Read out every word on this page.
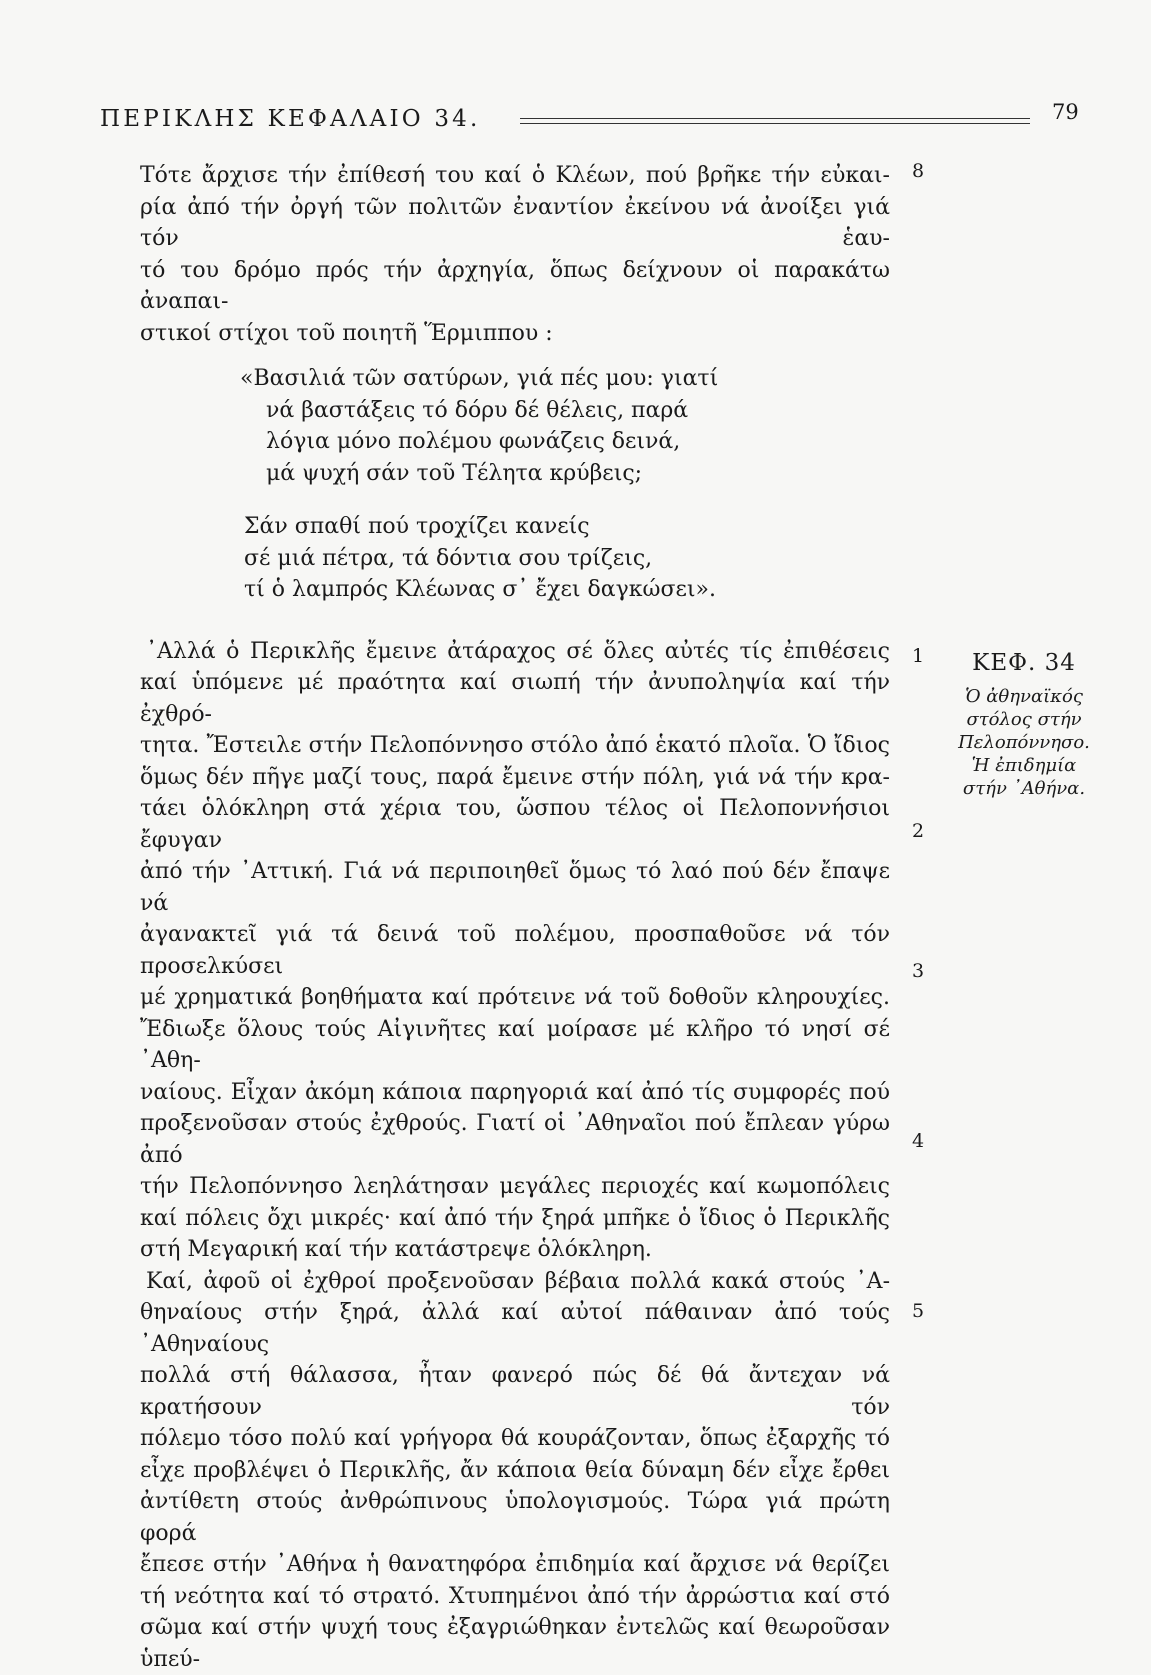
ΠΕΡΙΚΛΗΣ ΚΕΦΑΛΑΙΟ 34.	79
Τότε ἄρχισε τήν ἐπίθεσή του καί ὁ Κλέων, πού βρῆκε τήν εὐκαι-
ρία ἀπό τήν ὀργή τῶν πολιτῶν ἐναντίον ἐκείνου νά ἀνοίξει γιά τόν ἑαυ-
τό του δρόμο πρός τήν ἀρχηγία, ὅπως δείχνουν οἱ παρακάτω ἀναπαι-
στικοί στίχοι τοῦ ποιητῆ Ἕρμιππου :
«Βασιλιά τῶν σατύρων, γιά πές μου: γιατί
νά βαστάξεις τό δόρυ δέ θέλεις, παρά
λόγια μόνο πολέμου φωνάζεις δεινά,
μά ψυχή σάν τοῦ Τέλητα κρύβεις;
Σάν σπαθί πού τροχίζει κανείς
σέ μιά πέτρα, τά δόντια σου τρίζεις,
τί ὁ λαμπρός Κλέωνας σ᾿ ἔχει δαγκώσει».
᾿Αλλά ὁ Περικλῆς ἔμεινε ἀτάραχος σέ ὅλες αὐτές τίς ἐπιθέσεις
καί ὑπόμενε μέ πραότητα καί σιωπή τήν ἀνυποληψία καί τήν ἐχθρό-
τητα. Ἔστειλε στήν Πελοπόννησο στόλο ἀπό ἑκατό πλοῖα. Ὁ ἴδιος
ὅμως δέν πῆγε μαζί τους, παρά ἔμεινε στήν πόλη, γιά νά τήν κρα-
τάει ὁλόκληρη στά χέρια του, ὥσπου τέλος οἱ Πελοποννήσιοι ἔφυγαν
ἀπό τήν ᾿Αττική. Γιά νά περιποιηθεῖ ὅμως τό λαό πού δέν ἔπαψε νά
ἀγανακτεῖ γιά τά δεινά τοῦ πολέμου, προσπαθοῦσε νά τόν προσελκύσει
μέ χρηματικά βοηθήματα καί πρότεινε νά τοῦ δοθοῦν κληρουχίες.
Ἔδιωξε ὅλους τούς Αἰγινῆτες καί μοίρασε μέ κλῆρο τό νησί σέ ᾿Αθη-
ναίους. Εἶχαν ἀκόμη κάποια παρηγοριά καί ἀπό τίς συμφορές πού
προξενοῦσαν στούς ἐχθρούς. Γιατί οἱ ᾿Αθηναῖοι πού ἔπλεαν γύρω ἀπό
τήν Πελοπόννησο λεηλάτησαν μεγάλες περιοχές καί κωμοπόλεις
καί πόλεις ὄχι μικρές· καί ἀπό τήν ξηρά μπῆκε ὁ ἴδιος ὁ Περικλῆς
στή Μεγαρική καί τήν κατάστρεψε ὁλόκληρη.
Καί, ἀφοῦ οἱ ἐχθροί προξενοῦσαν βέβαια πολλά κακά στούς ᾿Α-
θηναίους στήν ξηρά, ἀλλά καί αὐτοί πάθαιναν ἀπό τούς ᾿Αθηναίους
πολλά στή θάλασσα, ἦταν φανερό πώς δέ θά ἄντεχαν νά κρατήσουν τόν
πόλεμο τόσο πολύ καί γρήγορα θά κουράζονταν, ὅπως ἐξαρχῆς τό
εἶχε προβλέψει ὁ Περικλῆς, ἄν κάποια θεία δύναμη δέν εἶχε ἔρθει
ἀντίθετη στούς ἀνθρώπινους ὑπολογισμούς. Τώρα γιά πρώτη φορά
ἔπεσε στήν ᾿Αθήνα ἡ θανατηφόρα ἐπιδημία καί ἄρχισε νά θερίζει
τή νεότητα καί τό στρατό. Χτυπημένοι ἀπό τήν ἀρρώστια καί στό
σῶμα καί στήν ψυχή τους ἐξαγριώθηκαν ἐντελῶς καί θεωροῦσαν ὑπεύ-
8
1
2
3
4
5
ΚΕΦ. 34
Ὁ ἀθηναϊκός
στόλος στήν
Πελοπόννησο.
Ἡ ἐπιδημία
στήν ᾿Αθήνα.
